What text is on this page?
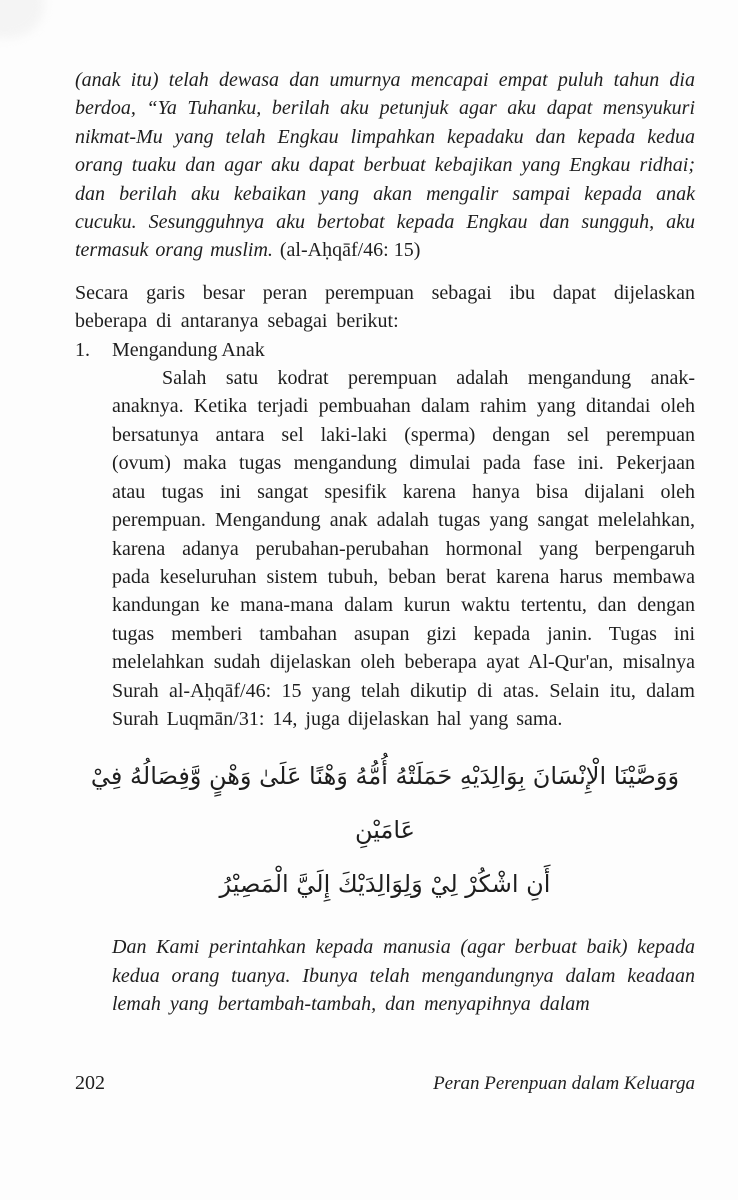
(anak itu) telah dewasa dan umurnya mencapai empat puluh tahun dia berdoa, “Ya Tuhanku, berilah aku petunjuk agar aku dapat mensyukuri nikmat-Mu yang telah Engkau limpahkan kepadaku dan kepada kedua orang tuaku dan agar aku dapat berbuat kebajikan yang Engkau ridhai; dan berilah aku kebaikan yang akan mengalir sampai kepada anak cucuku. Sesungguhnya aku bertobat kepada Engkau dan sungguh, aku termasuk orang muslim. (al-Aḥqāf/46: 15)

Secara garis besar peran perempuan sebagai ibu dapat dijelaskan beberapa di antaranya sebagai berikut:

1.	Mengandung Anak

Salah satu kodrat perempuan adalah mengandung anak-anaknya. Ketika terjadi pembuahan dalam rahim yang ditandai oleh bersatunya antara sel laki-laki (sperma) dengan sel perempuan (ovum) maka tugas mengandung dimulai pada fase ini. Pekerjaan atau tugas ini sangat spesifik karena hanya bisa dijalani oleh perempuan. Mengandung anak adalah tugas yang sangat melelahkan, karena adanya perubahan-perubahan hormonal yang berpengaruh pada keseluruhan sistem tubuh, beban berat karena harus membawa kandungan ke mana-mana dalam kurun waktu tertentu, dan dengan tugas memberi tambahan asupan gizi kepada janin. Tugas ini melelahkan sudah dijelaskan oleh beberapa ayat Al-Qur'an, misalnya Surah al-Aḥqāf/46: 15 yang telah dikutip di atas. Selain itu, dalam Surah Luqmān/31: 14, juga dijelaskan hal yang sama.

وَوَصَّيْنَا الْإِنْسَانَ بِوَالِدَيْهِ حَمَلَتْهُ أُمُّهُ وَهْنًا عَلَىٰ وَهْنٍ وَّفِصَالُهُ فِيْ عَامَيْنِ
أَنِ اشْكُرْ لِيْ وَلِوَالِدَيْكَ إِلَيَّ الْمَصِيْرُ

Dan Kami perintahkan kepada manusia (agar berbuat baik) kepada kedua orang tuanya. Ibunya telah mengandungnya dalam keadaan lemah yang bertambah-tambah, dan menyapihnya dalam

202	Peran Perenpuan dalam Keluarga
